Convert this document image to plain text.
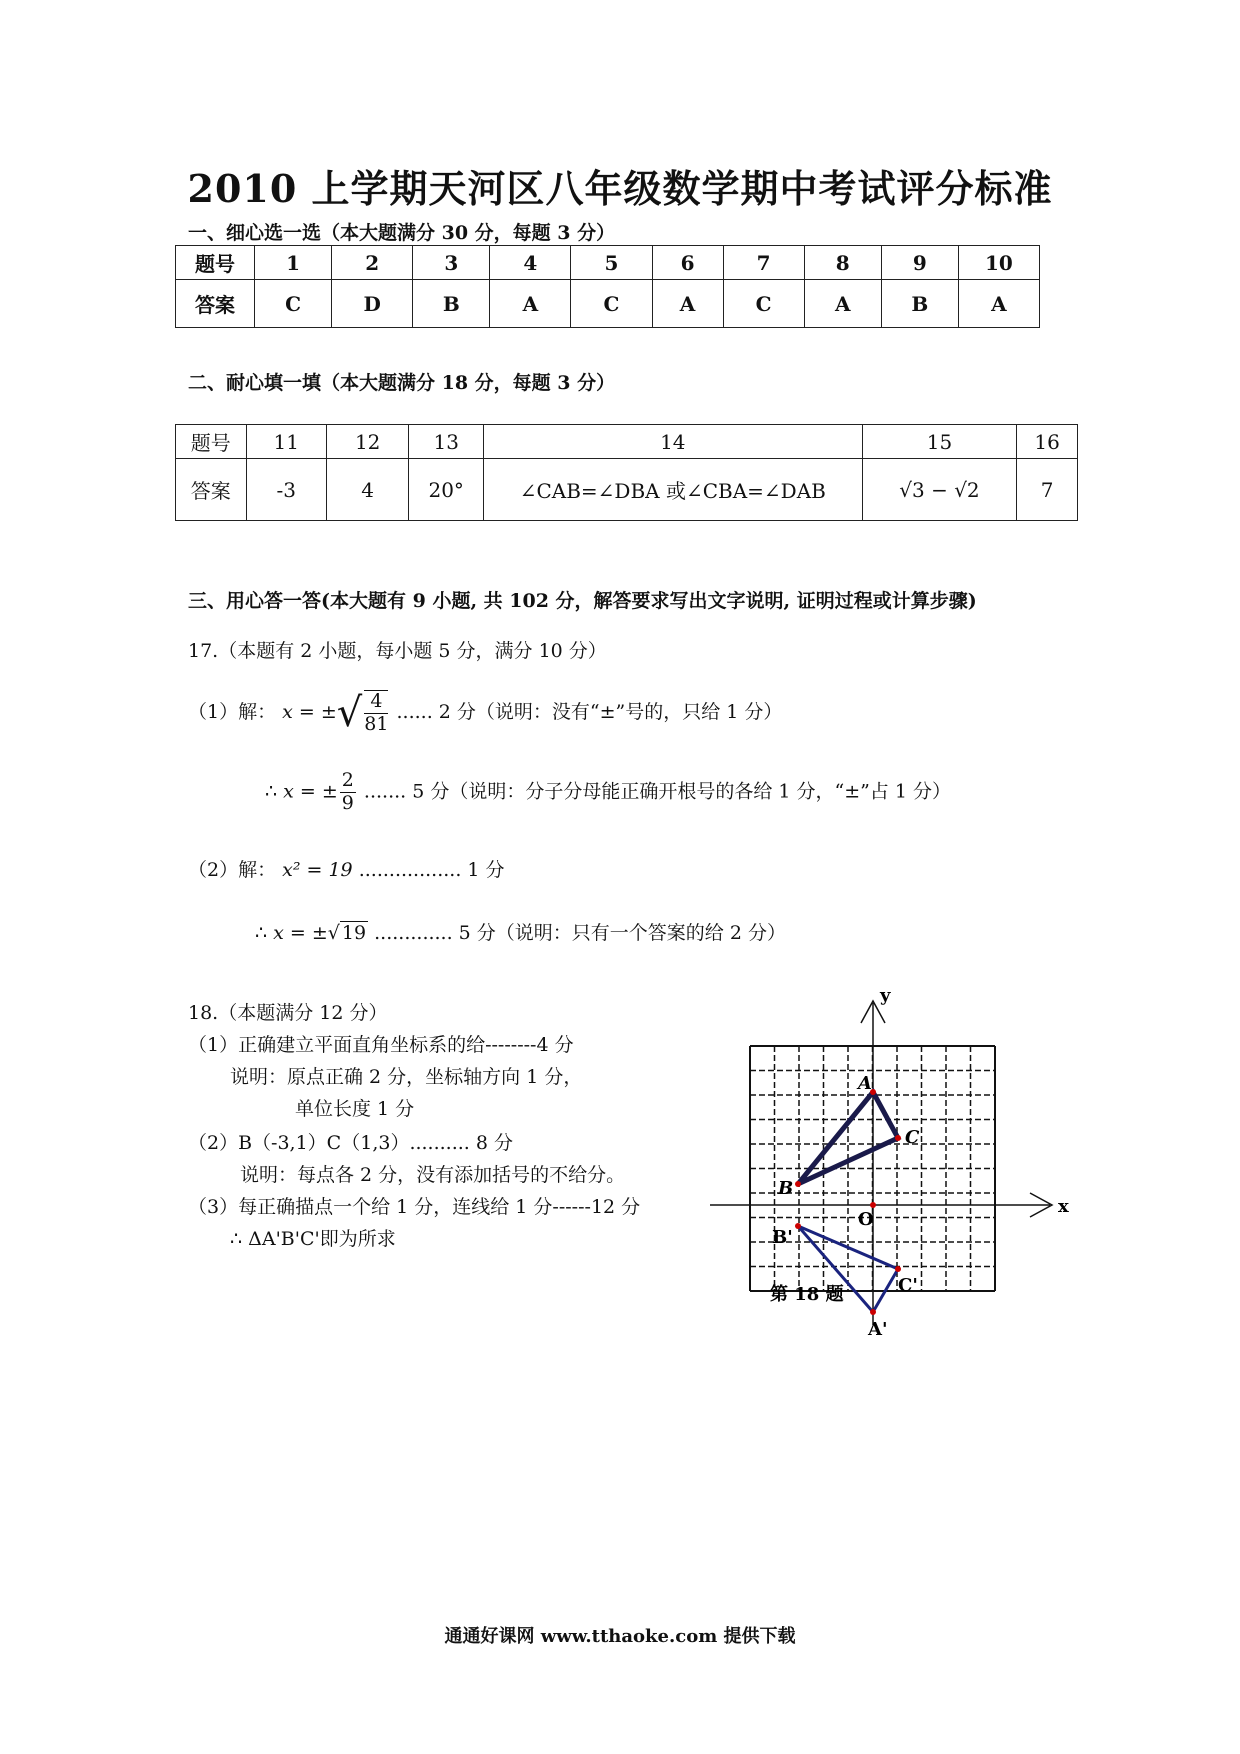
2010 上学期天河区八年级数学期中考试评分标准
一、细心选一选（本大题满分 30 分，每题 3 分）
题号	1	2	3	4	5	6	7	8	9	10
答案	C	D	B	A	C	A	C	A	B	A
二、耐心填一填（本大题满分 18 分，每题 3 分）
题号	11	12	13	14	15	16
答案	-3	4	20°	∠CAB=∠DBA 或∠CBA=∠DAB	√3 − √2	7
三、用心答一答(本大题有 9 小题, 共 102 分，解答要求写出文字说明, 证明过程或计算步骤)
17.（本题有 2 小题，每小题 5 分，满分 10 分）
（1）解： x = ±√ $\frac{4}{81}$ ...... 2 分（说明：没有“±”号的，只给 1 分）
∴ x = ± $\frac{2}{9}$ ....... 5 分（说明：分子分母能正确开根号的各给 1 分，“±”占 1 分）
（2）解： x² = 19 ................. 1 分
∴ x = ±√ 19 ............. 5 分（说明：只有一个答案的给 2 分）
18.（本题满分 12 分）
（1）正确建立平面直角坐标系的给--------4 分
说明：原点正确 2 分，坐标轴方向 1 分，
单位长度 1 分
（2）B（-3,1）C（1,3）.......... 8 分
说明：每点各 2 分，没有添加括号的不给分。
（3）每正确描点一个给 1 分，连线给 1 分------12 分
∴ ΔA'B'C'即为所求
y
x
O
A
B
C
A'
B'
C'
第 18 题
通通好课网 www.tthaoke.com 提供下载
